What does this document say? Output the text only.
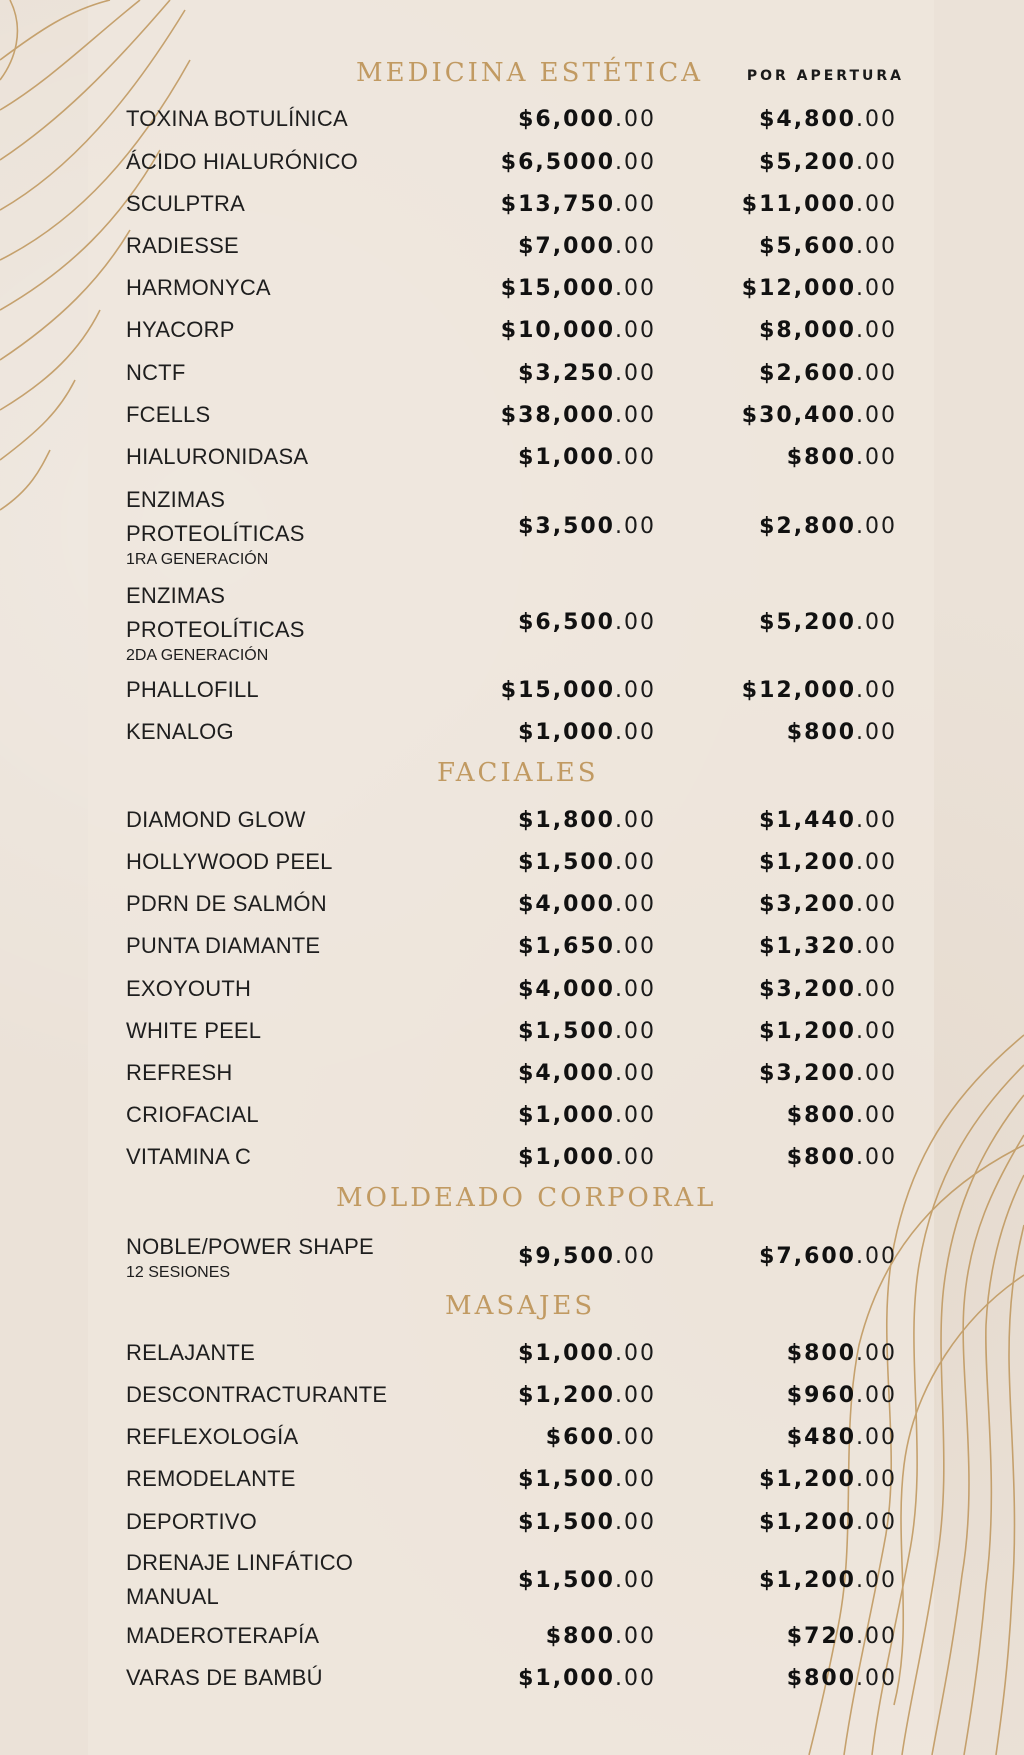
MEDICINA ESTÉTICA	POR APERTURA
TOXINA BOTULÍNICA	$6,000 .00	$4,800 .00
ÁCIDO HIALURÓNICO	$6,5000 .00	$5,200 .00
SCULPTRA	$13,750 .00	$11,000 .00
RADIESSE	$7,000 .00	$5,600 .00
HARMONYCA	$15,000 .00	$12,000 .00
HYACORP	$10,000 .00	$8,000 .00
NCTF	$3,250 .00	$2,600 .00
FCELLS	$38,000 .00	$30,400 .00
HIALURONIDASA	$1,000 .00	$800 .00
ENZIMAS
PROTEOLÍTICAS
1RA GENERACIÓN
$3,500 .00	$2,800 .00
ENZIMAS
PROTEOLÍTICAS
2DA GENERACIÓN
$6,500 .00	$5,200 .00
PHALLOFILL	$15,000 .00	$12,000 .00
KENALOG	$1,000 .00	$800 .00
FACIALES
DIAMOND GLOW	$1,800 .00	$1,440 .00
HOLLYWOOD PEEL	$1,500 .00	$1,200 .00
PDRN DE SALMÓN	$4,000 .00	$3,200 .00
PUNTA DIAMANTE	$1,650 .00	$1,320 .00
EXOYOUTH	$4,000 .00	$3,200 .00
WHITE PEEL	$1,500 .00	$1,200 .00
REFRESH	$4,000 .00	$3,200 .00
CRIOFACIAL	$1,000 .00	$800 .00
VITAMINA C	$1,000 .00	$800 .00
MOLDEADO CORPORAL
NOBLE/POWER SHAPE
12 SESIONES
$9,500 .00	$7,600 .00
MASAJES
RELAJANTE	$1,000 .00	$800 .00
DESCONTRACTURANTE	$1,200 .00	$960 .00
REFLEXOLOGÍA	$600 .00	$480 .00
REMODELANTE	$1,500 .00	$1,200 .00
DEPORTIVO	$1,500 .00	$1,200 .00
DRENAJE LINFÁTICO
MANUAL
$1,500 .00	$1,200 .00
MADEROTERAPÍA	$800 .00	$720 .00
VARAS DE BAMBÚ	$1,000 .00	$800 .00
